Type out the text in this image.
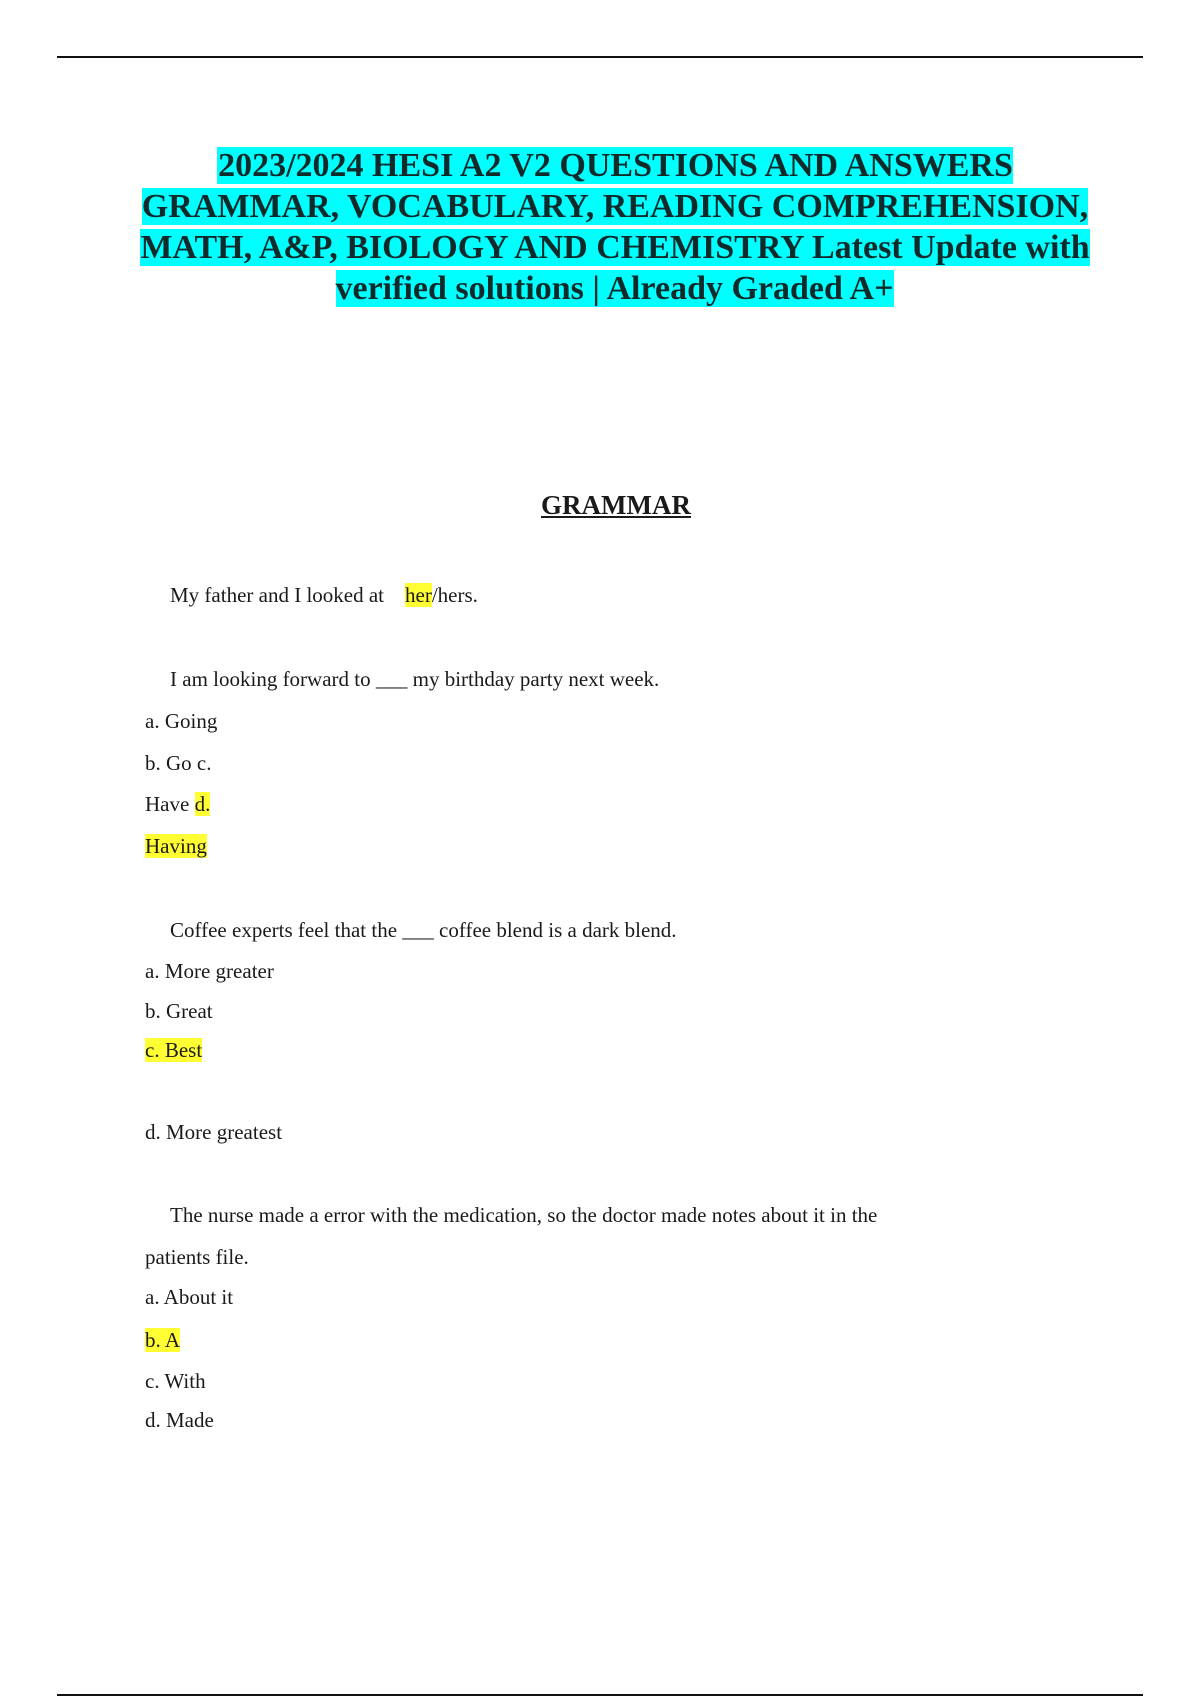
2023/2024 HESI A2 V2 QUESTIONS AND ANSWERS GRAMMAR, VOCABULARY, READING COMPREHENSION, MATH, A&P, BIOLOGY AND CHEMISTRY Latest Update with verified solutions | Already Graded A+
GRAMMAR
My father and I looked at her/hers.
I am looking forward to ___ my birthday party next week.
a. Going
b. Go c.
Have d.
Having
Coffee experts feel that the ___ coffee blend is a dark blend.
a. More greater
b. Great
c. Best
d. More greatest
The nurse made a error with the medication, so the doctor made notes about it in the
patients file.
a. About it
b. A
c. With
d. Made
